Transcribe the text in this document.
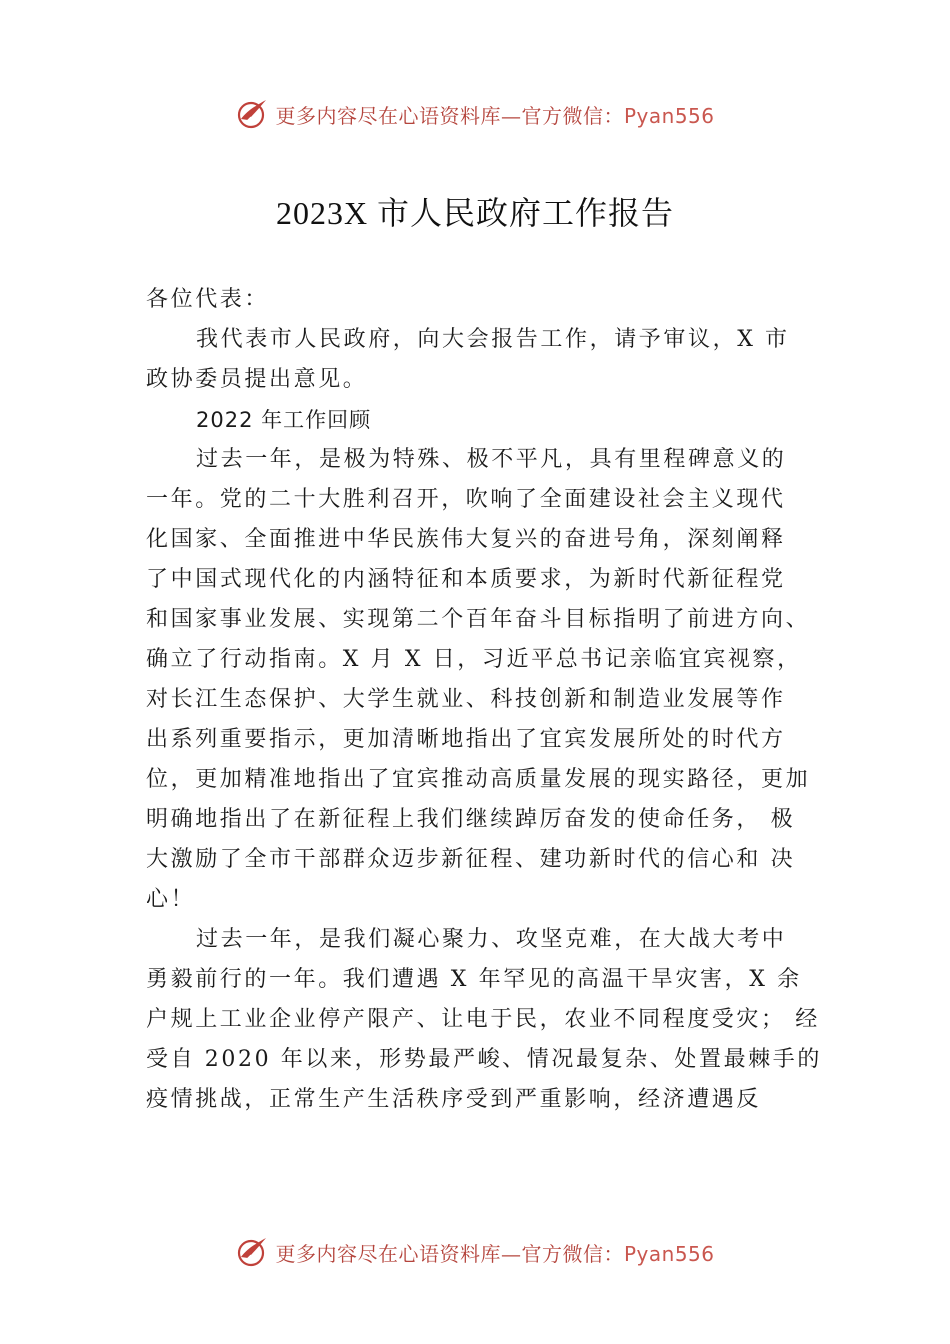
更多内容尽在心语资料库—官方微信：Pyan556
2023X 市人民政府工作报告
各位代表：
我代表市人民政府，向大会报告工作，请予审议，X 市
政协委员提出意见。
2022 年工作回顾
过去一年，是极为特殊、极不平凡，具有里程碑意义的
一年。党的二十大胜利召开，吹响了全面建设社会主义现代
化国家、全面推进中华民族伟大复兴的奋进号角，深刻阐释
了中国式现代化的内涵特征和本质要求，为新时代新征程党
和国家事业发展、实现第二个百年奋斗目标指明了前进方向、
确立了行动指南。X 月 X 日，习近平总书记亲临宜宾视察，
对长江生态保护、大学生就业、科技创新和制造业发展等作
出系列重要指示，更加清晰地指出了宜宾发展所处的时代方
位，更加精准地指出了宜宾推动高质量发展的现实路径，更加
明确地指出了在新征程上我们继续踔厉奋发的使命任务， 极
大激励了全市干部群众迈步新征程、建功新时代的信心和 决
心！
过去一年，是我们凝心聚力、攻坚克难，在大战大考中
勇毅前行的一年。我们遭遇 X 年罕见的高温干旱灾害，X 余
户规上工业企业停产限产、让电于民，农业不同程度受灾； 经
受自 2020 年以来，形势最严峻、情况最复杂、处置最棘手的
疫情挑战，正常生产生活秩序受到严重影响，经济遭遇反
更多内容尽在心语资料库—官方微信：Pyan556
